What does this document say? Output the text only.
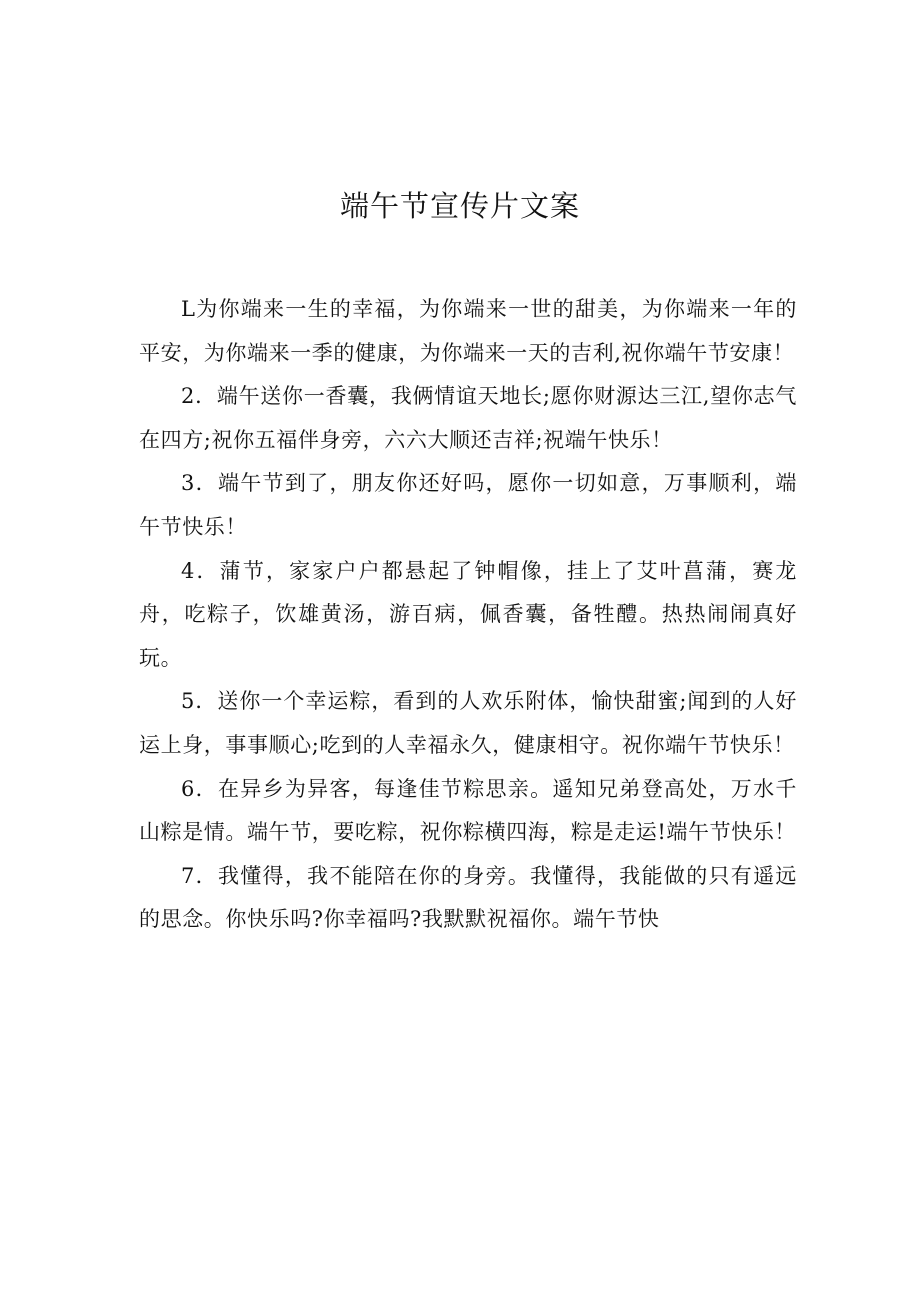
端午节宣传片文案

L为你端来一生的幸福，为你端来一世的甜美，为你端来一年的平安，为你端来一季的健康，为你端来一天的吉利,祝你端午节安康！

2．端午送你一香囊，我俩情谊天地长;愿你财源达三江,望你志气在四方;祝你五福伴身旁，六六大顺还吉祥;祝端午快乐！

3．端午节到了，朋友你还好吗，愿你一切如意，万事顺利，端午节快乐！

4．蒲节，家家户户都悬起了钟帽像，挂上了艾叶菖蒲，赛龙舟，吃粽子，饮雄黄汤，游百病，佩香囊，备牲醴。热热闹闹真好玩。

5．送你一个幸运粽，看到的人欢乐附体，愉快甜蜜;闻到的人好运上身，事事顺心;吃到的人幸福永久，健康相守。祝你端午节快乐！

6．在异乡为异客，每逢佳节粽思亲。遥知兄弟登高处，万水千山粽是情。端午节，要吃粽，祝你粽横四海，粽是走运!端午节快乐！

7．我懂得，我不能陪在你的身旁。我懂得，我能做的只有遥远的思念。你快乐吗?你幸福吗?我默默祝福你。端午节快
